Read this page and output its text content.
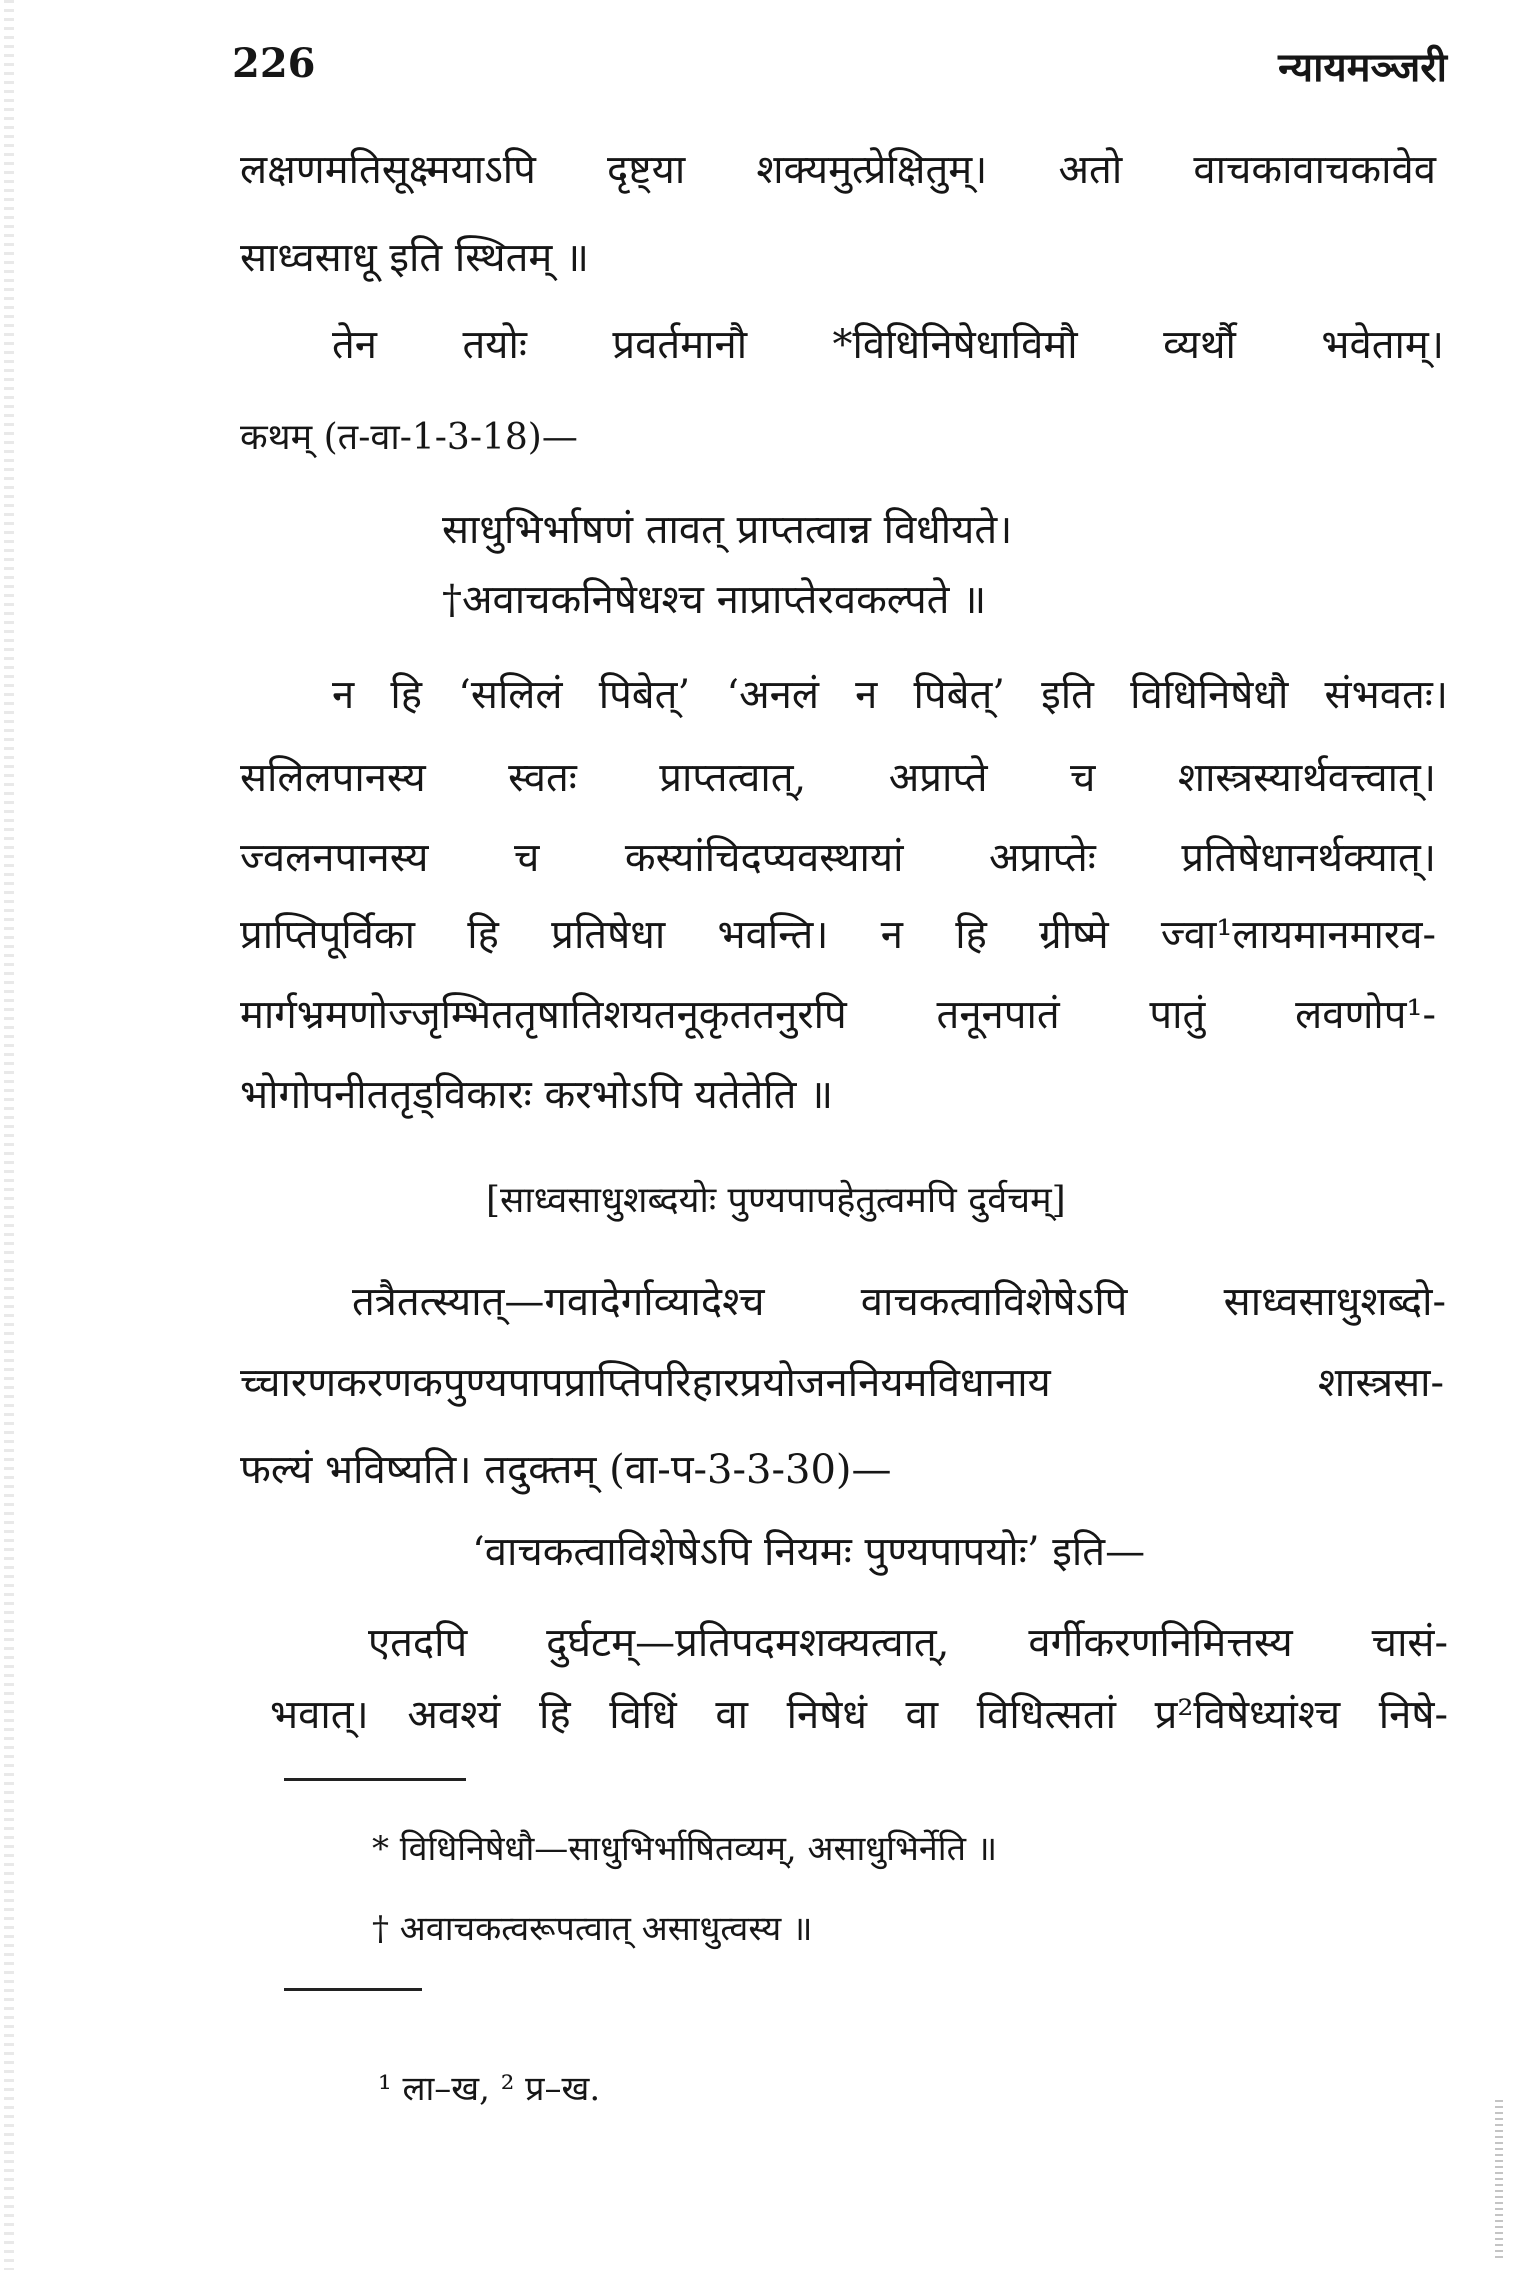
226	न्यायमञ्जरी
लक्षणमतिसूक्ष्मयाऽपि दृष्ट्या शक्यमुत्प्रेक्षितुम्। अतो वाचकावाचकावेव
साध्वसाधू इति स्थितम् ॥
तेन तयोः प्रवर्तमानौ *विधिनिषेधाविमौ व्यर्थौ भवेताम्।
कथम् (त-वा-1-3-18)—
साधुभिर्भाषणं तावत् प्राप्तत्वान्न विधीयते।
†अवाचकनिषेधश्च नाप्राप्तेरवकल्पते ॥
न हि ‘सलिलं पिबेत्’ ‘अनलं न पिबेत्’ इति विधिनिषेधौ संभवतः।
सलिलपानस्य स्वतः प्राप्तत्वात्, अप्राप्ते च शास्त्रस्यार्थवत्त्वात्।
ज्वलनपानस्य च कस्यांचिदप्यवस्थायां अप्राप्तेः प्रतिषेधानर्थक्यात्।
प्राप्तिपूर्विका हि प्रतिषेधा भवन्ति। न हि ग्रीष्मे ज्वा¹लायमानमारव-
मार्गभ्रमणोज्जृम्भिततृषातिशयतनूकृततनुरपि तनूनपातं पातुं लवणोप¹-
भोगोपनीततृड्विकारः करभोऽपि यतेतेति ॥
[साध्वसाधुशब्दयोः पुण्यपापहेतुत्वमपि दुर्वचम्]
तत्रैतत्स्यात्—गवादेर्गाव्यादेश्च वाचकत्वाविशेषेऽपि साध्वसाधुशब्दो-
च्चारणकरणकपुण्यपापप्राप्तिपरिहारप्रयोजननियमविधानाय शास्त्रसा-
फल्यं भविष्यति। तदुक्तम् (वा-प-3-3-30)—
‘वाचकत्वाविशेषेऽपि नियमः पुण्यपापयोः’ इति—
एतदपि दुर्घटम्—प्रतिपदमशक्यत्वात्, वर्गीकरणनिमित्तस्य चासं-
भवात्। अवश्यं हि विधिं वा निषेधं वा विधित्सतां प्र²विषेध्यांश्च निषे-
* विधिनिषेधौ—साधुभिर्भाषितव्यम्, असाधुभिर्नेति ॥
† अवाचकत्वरूपत्वात् असाधुत्वस्य ॥
¹ ला–ख, ² प्र–ख.
